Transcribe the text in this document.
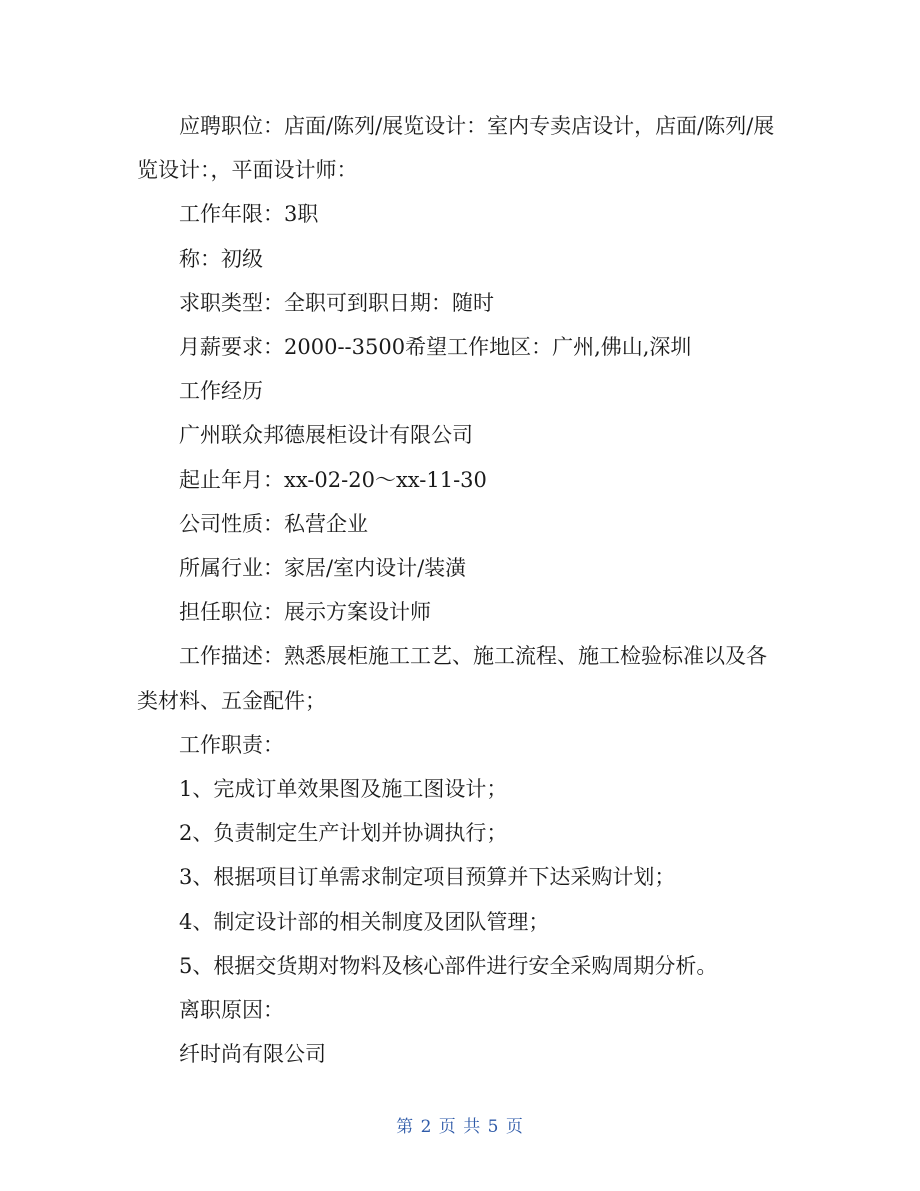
应聘职位：店面/陈列/展览设计：室内专卖店设计，店面/陈列/展览设计：，平面设计师：

工作年限：3职

称：初级

求职类型：全职可到职日期：随时

月薪要求：2000--3500希望工作地区：广州,佛山,深圳

工作经历

广州联众邦德展柜设计有限公司

起止年月：xx-02-20～xx-11-30

公司性质：私营企业

所属行业：家居/室内设计/装潢

担任职位：展示方案设计师

工作描述：熟悉展柜施工工艺、施工流程、施工检验标准以及各类材料、五金配件；

工作职责：

1、完成订单效果图及施工图设计；

2、负责制定生产计划并协调执行；

3、根据项目订单需求制定项目预算并下达采购计划；

4、制定设计部的相关制度及团队管理；

5、根据交货期对物料及核心部件进行安全采购周期分析。

离职原因：

纤时尚有限公司

第 2 页 共 5 页
